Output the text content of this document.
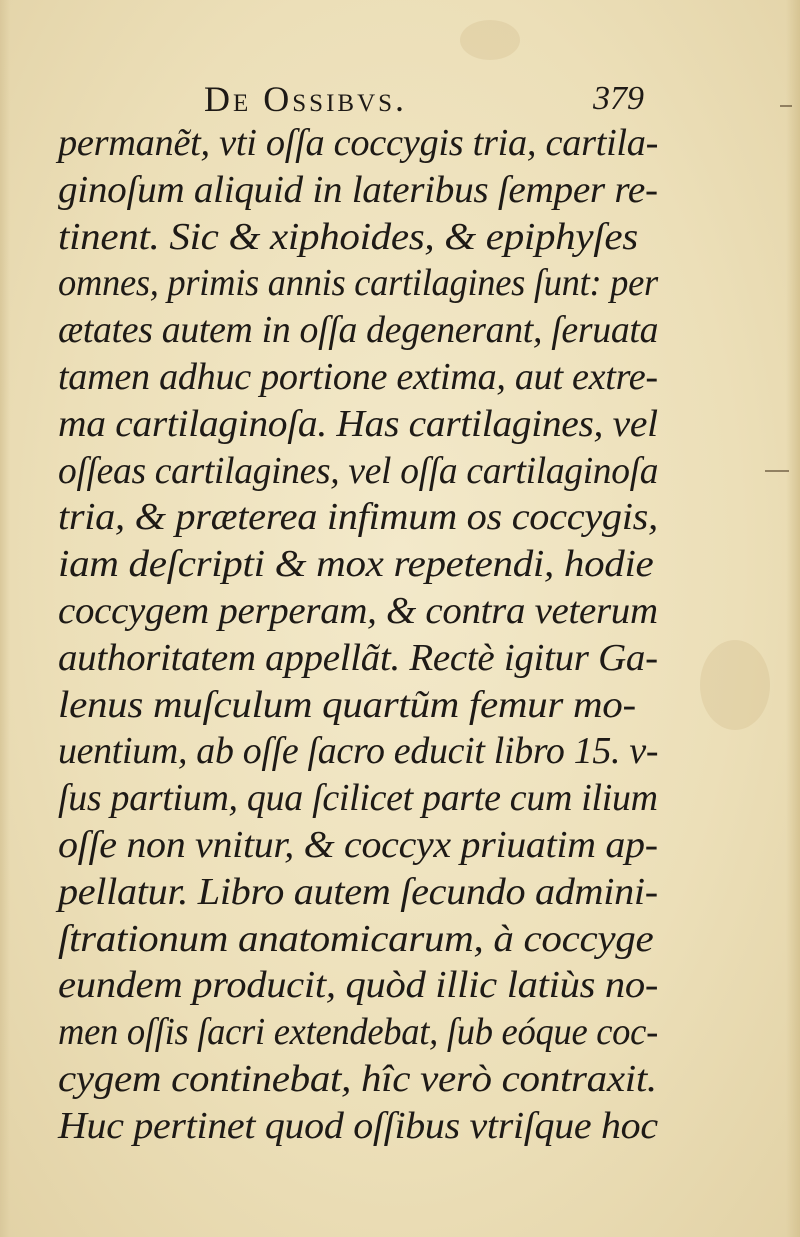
De Ossibvs.	379
permanẽt, vti oſſa coccygis tria, cartila-
ginoſum aliquid in lateribus ſemper re-
tinent. Sic & xiphoides, & epiphyſes
omnes, primis annis cartilagines ſunt: per
ætates autem in oſſa degenerant, ſeruata
tamen adhuc portione extima, aut extre-
ma cartilaginoſa. Has cartilagines, vel
oſſeas cartilagines, vel oſſa cartilaginoſa
tria, & præterea infimum os coccygis,
iam deſcripti & mox repetendi, hodie
coccygem perperam, & contra veterum
authoritatem appellãt. Rectè igitur Ga-
lenus muſculum quartũm femur mo-
uentium, ab oſſe ſacro educit libro 15. v-
ſus partium, qua ſcilicet parte cum ilium
oſſe non vnitur, & coccyx priuatim ap-
pellatur. Libro autem ſecundo admini-
ſtrationum anatomicarum, à coccyge
eundem producit, quòd illic latiùs no-
men oſſis ſacri extendebat, ſub eóque coc-
cygem continebat, hîc verò contraxit.
Huc pertinet quod oſſibus vtriſque hoc
